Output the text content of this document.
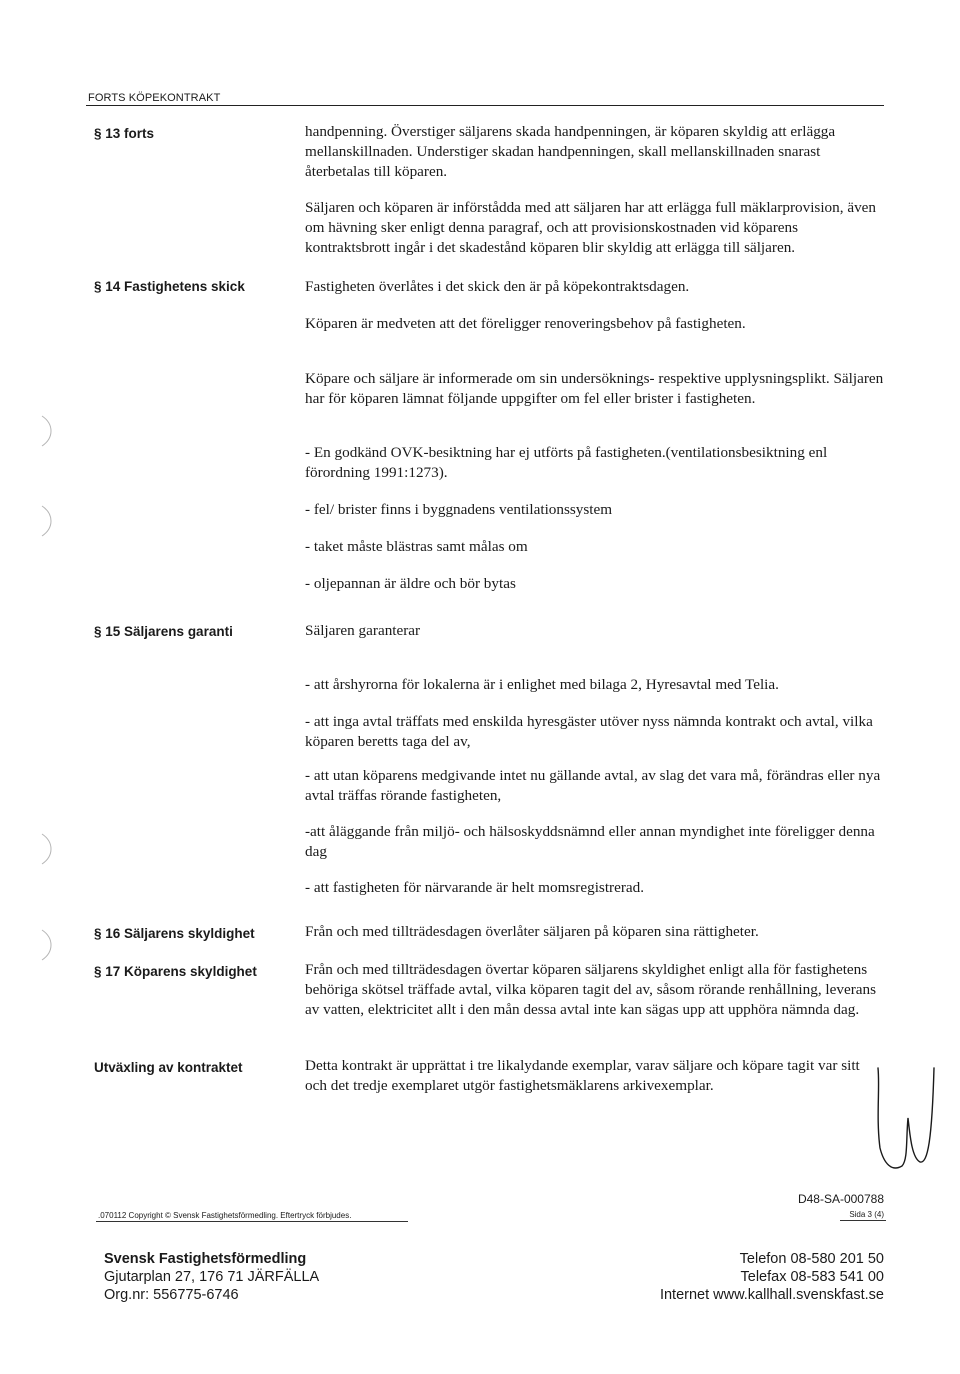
FORTS KÖPEKONTRAKT
§ 13 forts	handpenning. Överstiger säljarens skada handpenningen, är köparen skyldig att erlägga mellanskillnaden. Understiger skadan handpenningen, skall mellanskillnaden snarast återbetalas till köparen.

Säljaren och köparen är införstådda med att säljaren har att erlägga full mäklarprovision, även om hävning sker enligt denna paragraf, och att provisionskostnaden vid köparens kontraktsbrott ingår i det skadestånd köparen blir skyldig att erlägga till säljaren.

§ 14 Fastighetens skick	Fastigheten överlåtes i det skick den är på köpekontraktsdagen.

Köparen är medveten att det föreligger renoveringsbehov på fastigheten.

Köpare och säljare är informerade om sin undersöknings- respektive upplysningsplikt. Säljaren har för köparen lämnat följande uppgifter om fel eller brister i fastigheten.

- En godkänd OVK-besiktning har ej utförts på fastigheten.(ventilationsbesiktning enl förordning 1991:1273).

- fel/ brister finns i byggnadens ventilationssystem

- taket måste blästras samt målas om

- oljepannan är äldre och bör bytas

§ 15 Säljarens garanti	Säljaren garanterar

- att årshyrorna för lokalerna är i enlighet med bilaga 2, Hyresavtal med Telia.

- att inga avtal träffats med enskilda hyresgäster utöver nyss nämnda kontrakt och avtal, vilka köparen beretts taga del av,

- att utan köparens medgivande intet nu gällande avtal, av slag det vara må, förändras eller nya avtal träffas rörande fastigheten,

-att åläggande från miljö- och hälsoskyddsnämnd eller annan myndighet inte föreligger denna dag

- att fastigheten för närvarande är helt momsregistrerad.

§ 16 Säljarens skyldighet	Från och med tillträdesdagen överlåter säljaren på köparen sina rättigheter.

§ 17 Köparens skyldighet	Från och med tillträdesdagen övertar köparen säljarens skyldighet enligt alla för fastighetens behöriga skötsel träffade avtal, vilka köparen tagit del av, såsom rörande renhållning, leverans av vatten, elektricitet allt i den mån dessa avtal inte kan sägas upp att upphöra nämnda dag.

Utväxling av kontraktet	Detta kontrakt är upprättat i tre likalydande exemplar, varav säljare och köpare tagit var sitt och det tredje exemplaret utgör fastighetsmäklarens arkivexemplar.

D48-SA-000788
.070112 Copyright © Svensk Fastighetsförmedling. Eftertryck förbjudes.	Sida 3 (4)
Svensk Fastighetsförmedling
Gjutarplan 27, 176 71 JÄRFÄLLA
Org.nr: 556775-6746
Telefon 08-580 201 50
Telefax 08-583 541 00
Internet www.kallhall.svenskfast.se
